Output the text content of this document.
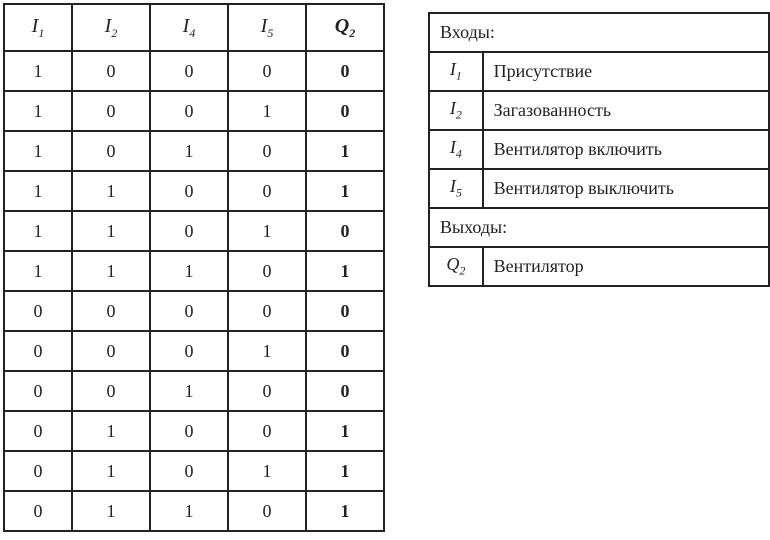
$I_1$	$I_2$	$I_4$	$I_5$	$Q_2$
1	0	0	0	0
1	0	0	1	0
1	0	1	0	1
1	1	0	0	1
1	1	0	1	0
1	1	1	0	1
0	0	0	0	0
0	0	0	1	0
0	0	1	0	0
0	1	0	0	1
0	1	0	1	1
0	1	1	0	1
Входы:	
$I_1$	Присутствие
$I_2$	Загазованность
$I_4$	Вентилятор включить
$I_5$	Вентилятор выключить
Выходы:	
$Q_2$	Вентилятор
